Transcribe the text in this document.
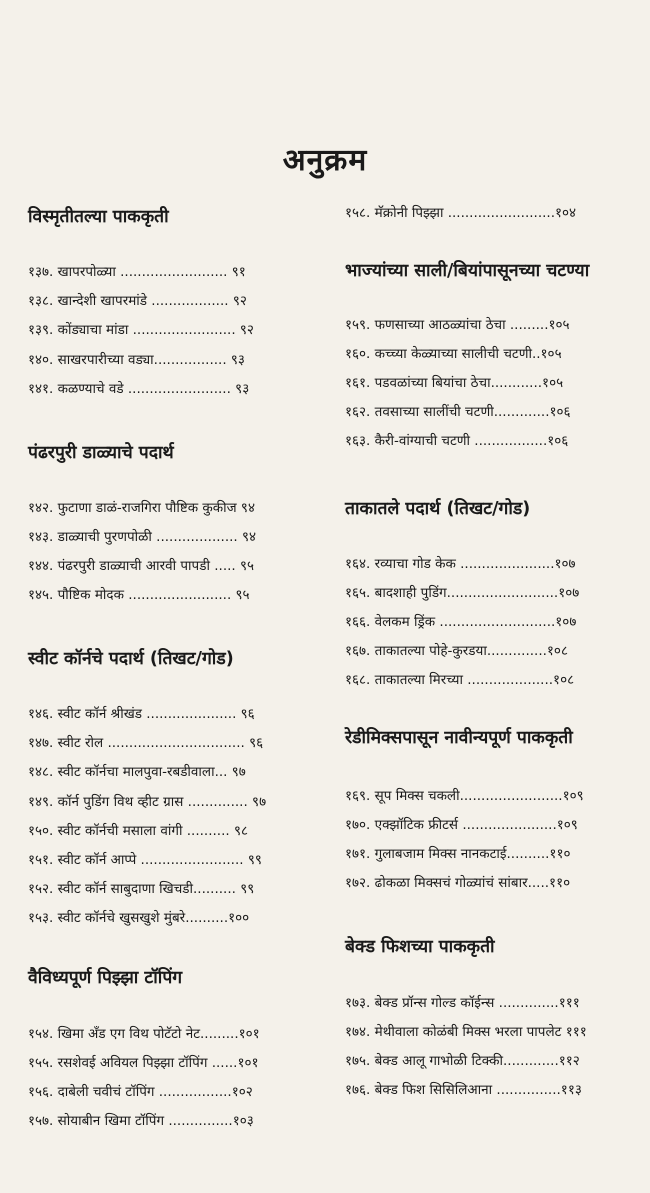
अनुक्रम
विस्मृतीतल्या पाककृती
१३७. खापरपोळ्या ......................... ९१
१३८. खान्देशी खापरमांडे .................. ९२
१३९. कोंड्याचा मांडा ........................ ९२
१४०. साखरपारीच्या वड्या................. ९३
१४१. कळण्याचे वडे ........................ ९३
पंढरपुरी डाळ्याचे पदार्थ
१४२. फुटाणा डाळं-राजगिरा पौष्टिक कुकीज ९४
१४३. डाळ्याची पुरणपोळी ................... ९४
१४४. पंढरपुरी डाळ्याची आरवी पापडी ..... ९५
१४५. पौष्टिक मोदक ........................ ९५
स्वीट कॉर्नचे पदार्थ (तिखट/गोड)
१४६. स्वीट कॉर्न श्रीखंड ..................... ९६
१४७. स्वीट रोल ................................ ९६
१४८. स्वीट कॉर्नचा मालपुवा-रबडीवाला... ९७
१४९. कॉर्न पुडिंग विथ व्हीट ग्रास .............. ९७
१५०. स्वीट कॉर्नची मसाला वांगी .......... ९८
१५१. स्वीट कॉर्न आप्पे ........................ ९९
१५२. स्वीट कॉर्न साबुदाणा खिचडी.......... ९९
१५३. स्वीट कॉर्नचे खुसखुशे मुंबरे..........१००
वैविध्यपूर्ण पिझ्झा टॉपिंग
१५४. खिमा अँड एग विथ पोटॅटो नेट.........१०१
१५५. रसशेवई अवियल पिझ्झा टॉपिंग ......१०१
१५६. दाबेली चवीचं टॉपिंग .................१०२
१५७. सोयाबीन खिमा टॉपिंग ...............१०३
१५८. मॅक्रोनी पिझ्झा .........................१०४
भाज्यांच्या साली/बियांपासूनच्या चटण्या
१५९. फणसाच्या आठळ्यांचा ठेचा .........१०५
१६०. कच्च्या केळ्याच्या सालीची चटणी..१०५
१६१. पडवळांच्या बियांचा ठेचा............१०५
१६२. तवसाच्या सालींची चटणी.............१०६
१६३. कैरी-वांग्याची चटणी .................१०६
ताकातले पदार्थ (तिखट/गोड)
१६४. रव्याचा गोड केक ......................१०७
१६५. बादशाही पुडिंग..........................१०७
१६६. वेलकम ड्रिंक ...........................१०७
१६७. ताकातल्या पोहे-कुरडया..............१०८
१६८. ताकातल्या मिरच्या ....................१०८
रेडीमिक्सपासून नावीन्यपूर्ण पाककृती
१६९. सूप मिक्स चकली........................१०९
१७०. एक्झॉटिक फ्रीटर्स ......................१०९
१७१. गुलाबजाम मिक्स नानकटाई..........११०
१७२. ढोकळा मिक्सचं गोळ्यांचं सांबार.....११०
बेक्ड फिशच्या पाककृती
१७३. बेक्ड प्रॉन्स गोल्ड कॉईन्स ..............१११
१७४. मेथीवाला कोळंबी मिक्स भरला पापलेट १११
१७५. बेक्ड आलू गाभोळी टिक्की.............११२
१७६. बेक्ड फिश सिसिलिआना ...............११३
